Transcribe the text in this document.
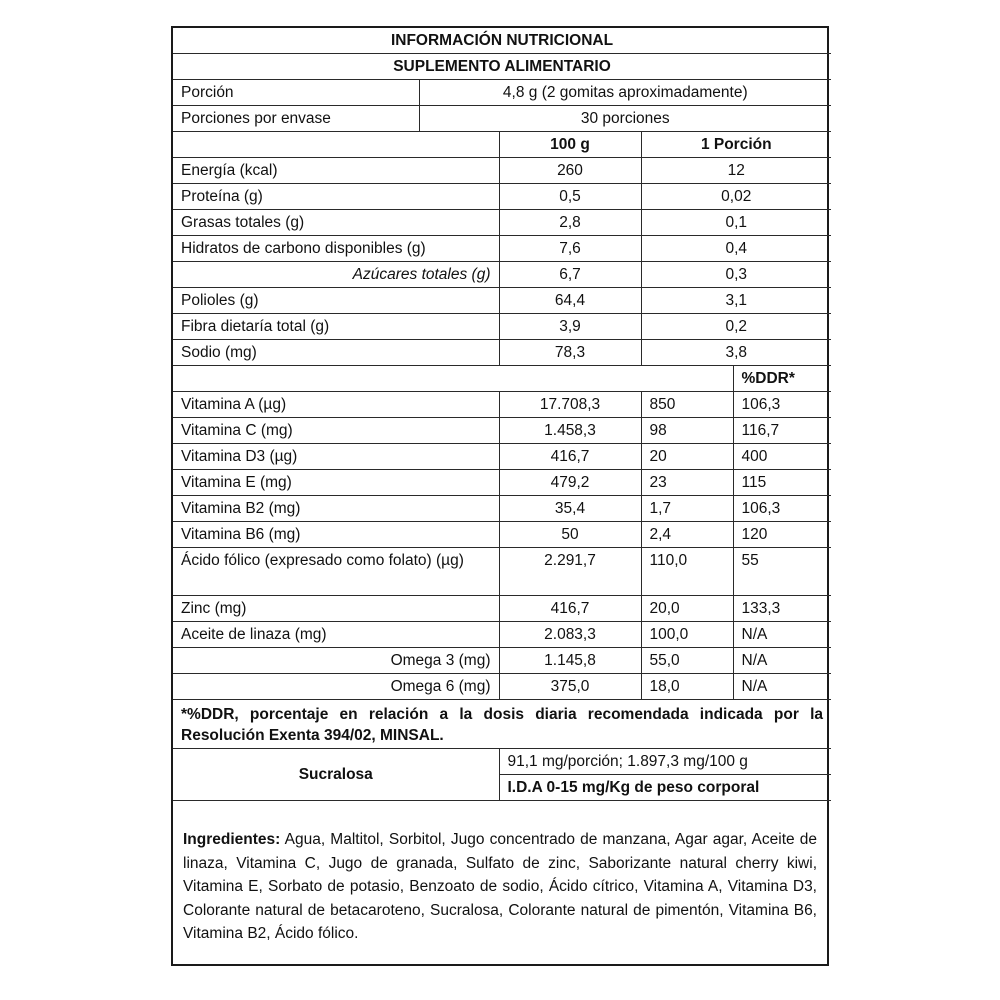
INFORMACIÓN NUTRICIONAL				
SUPLEMENTO ALIMENTARIO				
Porción	4,8 g (2 gomitas aproximadamente)			
Porciones por envase	30 porciones			
		100 g	1 Porción	
Energía (kcal)		260	12	
Proteína (g)		0,5	0,02	
Grasas totales (g)		2,8	0,1	
Hidratos de carbono disponibles (g)		7,6	0,4	
Azúcares totales (g)		6,7	0,3	
Polioles (g)		64,4	3,1	
Fibra dietaría total (g)		3,9	0,2	
Sodio (mg)		78,3	3,8	
				%DDR*
Vitamina A (µg)		17.708,3	850	106,3
Vitamina C (mg)		1.458,3	98	116,7
Vitamina D3 (µg)		416,7	20	400
Vitamina E (mg)		479,2	23	115
Vitamina B2 (mg)		35,4	1,7	106,3
Vitamina B6 (mg)		50	2,4	120
Ácido fólico (expresado como folato) (µg)		2.291,7	110,0	55
Zinc (mg)		416,7	20,0	133,3
Aceite de linaza (mg)		2.083,3	100,0	N/A
Omega 3 (mg)		1.145,8	55,0	N/A
Omega 6 (mg)		375,0	18,0	N/A
*%DDR, porcentaje en relación a la dosis diaria recomendada indicada por la Resolución Exenta 394/02, MINSAL.				
Sucralosa		91,1 mg/porción; 1.897,3 mg/100 g		
		I.D.A 0-15 mg/Kg de peso corporal		
Ingredientes: Agua, Maltitol, Sorbitol, Jugo concentrado de manzana, Agar agar, Aceite de linaza, Vitamina C, Jugo de granada, Sulfato de zinc, Saborizante natural cherry kiwi, Vitamina E, Sorbato de potasio, Benzoato de sodio, Ácido cítrico, Vitamina A, Vitamina D3, Colorante natural de betacaroteno, Sucralosa, Colorante natural de pimentón, Vitamina B6, Vitamina B2, Ácido fólico.
